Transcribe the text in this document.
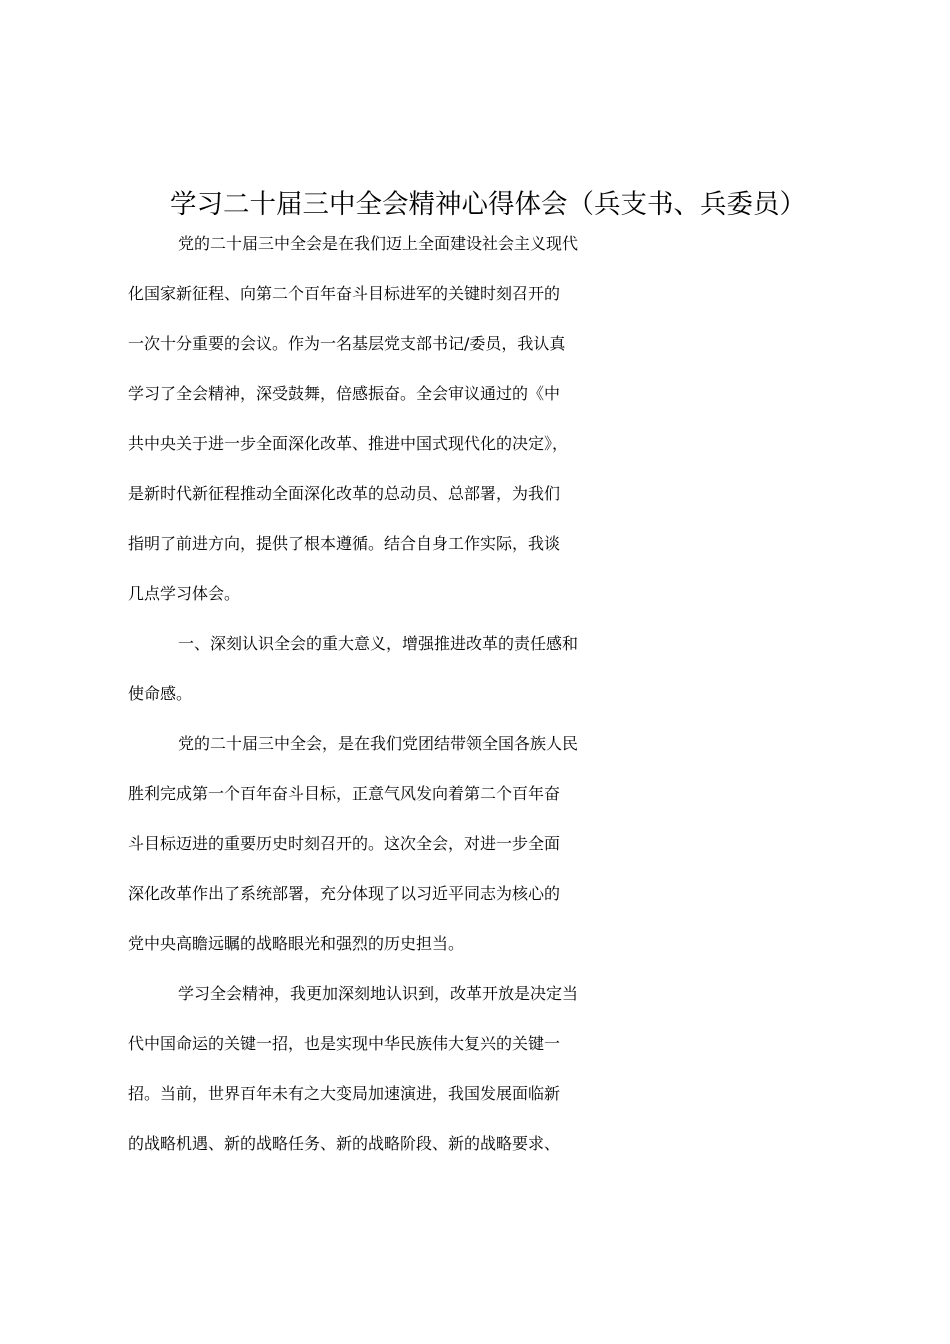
学习二十届三中全会精神心得体会（兵支书、兵委员）
党的二十届三中全会是在我们迈上全面建设社会主义现代
化国家新征程、向第二个百年奋斗目标进军的关键时刻召开的
一次十分重要的会议。作为一名基层党支部书记/委员，我认真
学习了全会精神，深受鼓舞，倍感振奋。全会审议通过的《中
共中央关于进一步全面深化改革、推进中国式现代化的决定》，
是新时代新征程推动全面深化改革的总动员、总部署，为我们
指明了前进方向，提供了根本遵循。结合自身工作实际，我谈
几点学习体会。
一、深刻认识全会的重大意义，增强推进改革的责任感和
使命感。
党的二十届三中全会，是在我们党团结带领全国各族人民
胜利完成第一个百年奋斗目标，正意气风发向着第二个百年奋
斗目标迈进的重要历史时刻召开的。这次全会，对进一步全面
深化改革作出了系统部署，充分体现了以习近平同志为核心的
党中央高瞻远瞩的战略眼光和强烈的历史担当。
学习全会精神，我更加深刻地认识到，改革开放是决定当
代中国命运的关键一招，也是实现中华民族伟大复兴的关键一
招。当前，世界百年未有之大变局加速演进，我国发展面临新
的战略机遇、新的战略任务、新的战略阶段、新的战略要求、
